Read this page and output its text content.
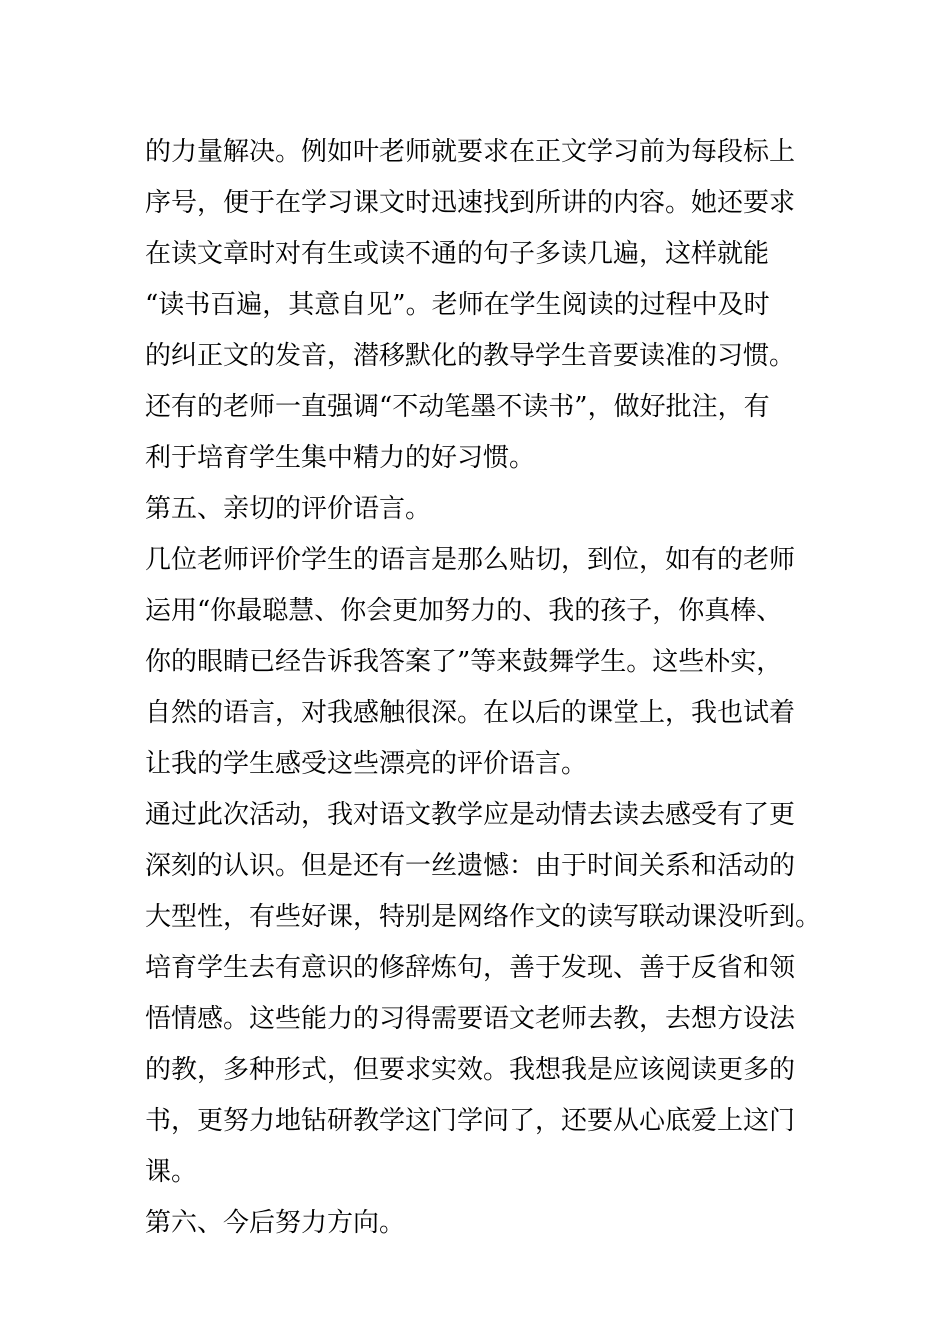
的力量解决。例如叶老师就要求在正文学习前为每段标上
序号，便于在学习课文时迅速找到所讲的内容。她还要求
在读文章时对有生或读不通的句子多读几遍，这样就能
“读书百遍，其意自见”。老师在学生阅读的过程中及时
的纠正文的发音，潜移默化的教导学生音要读准的习惯。
还有的老师一直强调“不动笔墨不读书”，做好批注，有
利于培育学生集中精力的好习惯。
第五、亲切的评价语言。
几位老师评价学生的语言是那么贴切，到位，如有的老师
运用“你最聪慧、你会更加努力的、我的孩子，你真棒、
你的眼睛已经告诉我答案了”等来鼓舞学生。这些朴实，
自然的语言，对我感触很深。在以后的课堂上，我也试着
让我的学生感受这些漂亮的评价语言。
通过此次活动，我对语文教学应是动情去读去感受有了更
深刻的认识。但是还有一丝遗憾：由于时间关系和活动的
大型性，有些好课，特别是网络作文的读写联动课没听到。
培育学生去有意识的修辞炼句，善于发现、善于反省和领
悟情感。这些能力的习得需要语文老师去教，去想方设法
的教，多种形式，但要求实效。我想我是应该阅读更多的
书，更努力地钻研教学这门学问了，还要从心底爱上这门
课。
第六、今后努力方向。
